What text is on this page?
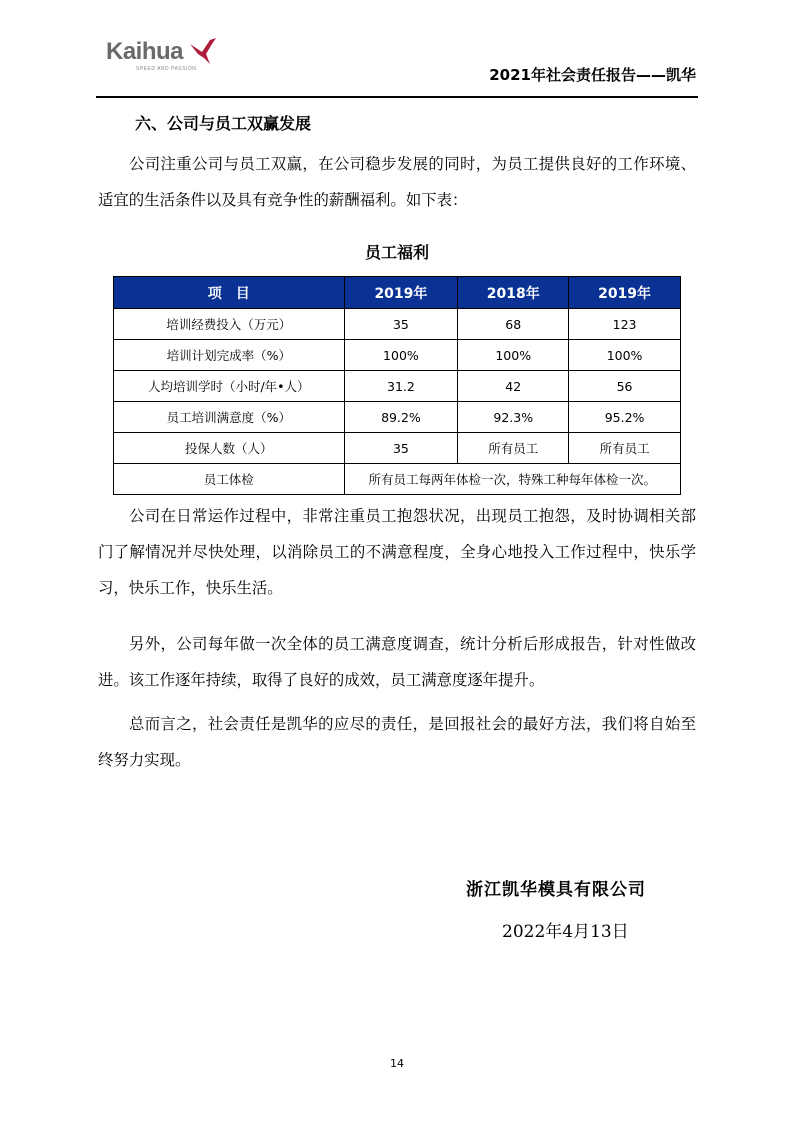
Kaihua
SPEED AND PASSION	2021年社会责任报告——凯华
六、公司与员工双赢发展
公司注重公司与员工双赢，在公司稳步发展的同时，为员工提供良好的工作环境、适宜的生活条件以及具有竞争性的薪酬福利。如下表：
员工福利
项　目	2019年	2018年	2019年
培训经费投入（万元）	35	68	123
培训计划完成率（%）	100%	100%	100%
人均培训学时（小时/年•人）	31.2	42	56
员工培训满意度（%）	89.2%	92.3%	95.2%
投保人数（人）	35	所有员工	所有员工
员工体检	所有员工每两年体检一次，特殊工种每年体检一次。		
公司在日常运作过程中，非常注重员工抱怨状况，出现员工抱怨，及时协调相关部门了解情况并尽快处理，以消除员工的不满意程度，全身心地投入工作过程中，快乐学习，快乐工作，快乐生活。
另外，公司每年做一次全体的员工满意度调查，统计分析后形成报告，针对性做改进。该工作逐年持续，取得了良好的成效，员工满意度逐年提升。
总而言之，社会责任是凯华的应尽的责任，是回报社会的最好方法，我们将自始至终努力实现。
浙江凯华模具有限公司
2022年4月13日
14
